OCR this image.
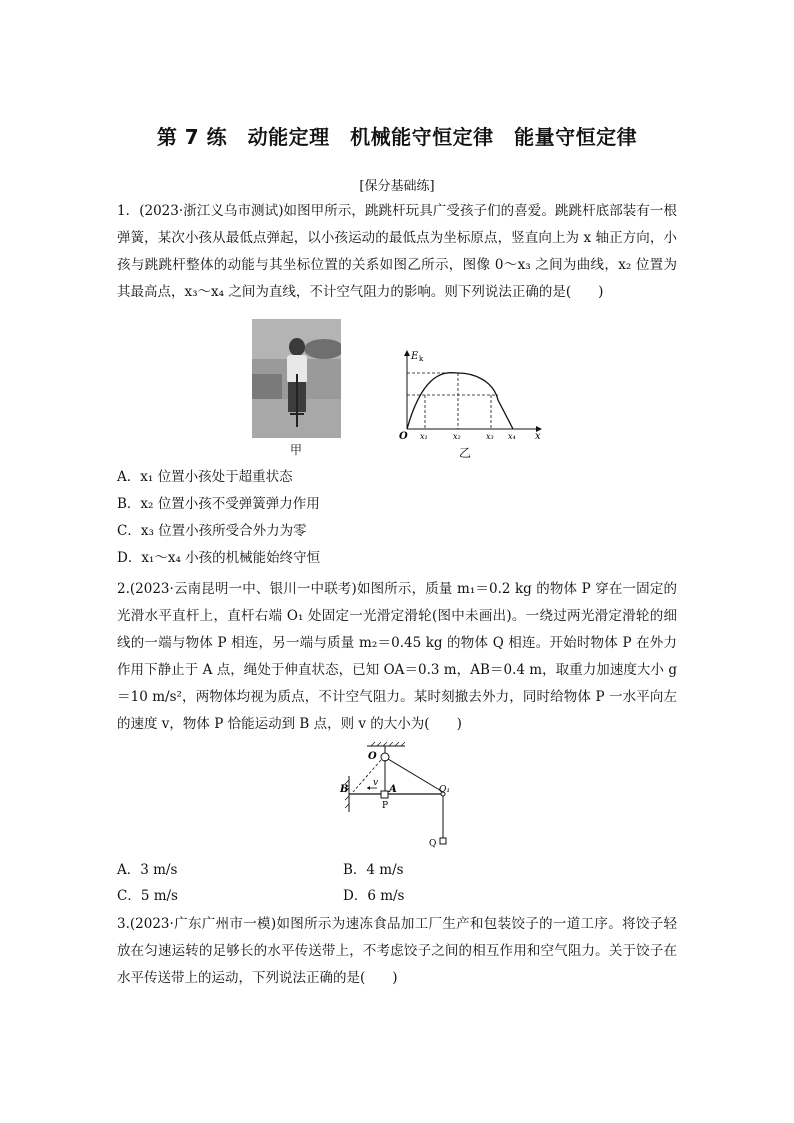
第 7 练　动能定理　机械能守恒定律　能量守恒定律
[保分基础练]

1．(2023·浙江义乌市测试)如图甲所示，跳跳杆玩具广受孩子们的喜爱。跳跳杆底部装有一根弹簧，某次小孩从最低点弹起，以小孩运动的最低点为坐标原点，竖直向上为 x 轴正方向，小孩与跳跳杆整体的动能与其坐标位置的关系如图乙所示，图像 0～x₃ 之间为曲线，x₂ 位置为其最高点，x₃～x₄ 之间为直线，不计空气阻力的影响。则下列说法正确的是(　　)

甲
E k
O	x
x₁	x₂	x₃ x₄
乙
A．x₁ 位置小孩处于超重状态
B．x₂ 位置小孩不受弹簧弹力作用
C．x₃ 位置小孩所受合外力为零
D．x₁～x₄ 小孩的机械能始终守恒

2.(2023·云南昆明一中、银川一中联考)如图所示，质量 m₁＝0.2 kg 的物体 P 穿在一固定的光滑水平直杆上，直杆右端 O₁ 处固定一光滑定滑轮(图中未画出)。一绕过两光滑定滑轮的细线的一端与物体 P 相连，另一端与质量 m₂＝0.45 kg 的物体 Q 相连。开始时物体 P 在外力作用下静止于 A 点，绳处于伸直状态，已知 OA＝0.3 m，AB＝0.4 m，取重力加速度大小 g＝10 m/s²，两物体均视为质点，不计空气阻力。某时刻撤去外力，同时给物体 P 一水平向左的速度 v，物体 P 恰能运动到 B 点，则 v 的大小为(　　)

v
O
B	A	O₁
P
Q
A．3 m/s	B．4 m/s
C．5 m/s	D．6 m/s

3.(2023·广东广州市一模)如图所示为速冻食品加工厂生产和包装饺子的一道工序。将饺子轻放在匀速运转的足够长的水平传送带上，不考虑饺子之间的相互作用和空气阻力。关于饺子在水平传送带上的运动，下列说法正确的是(　　)
